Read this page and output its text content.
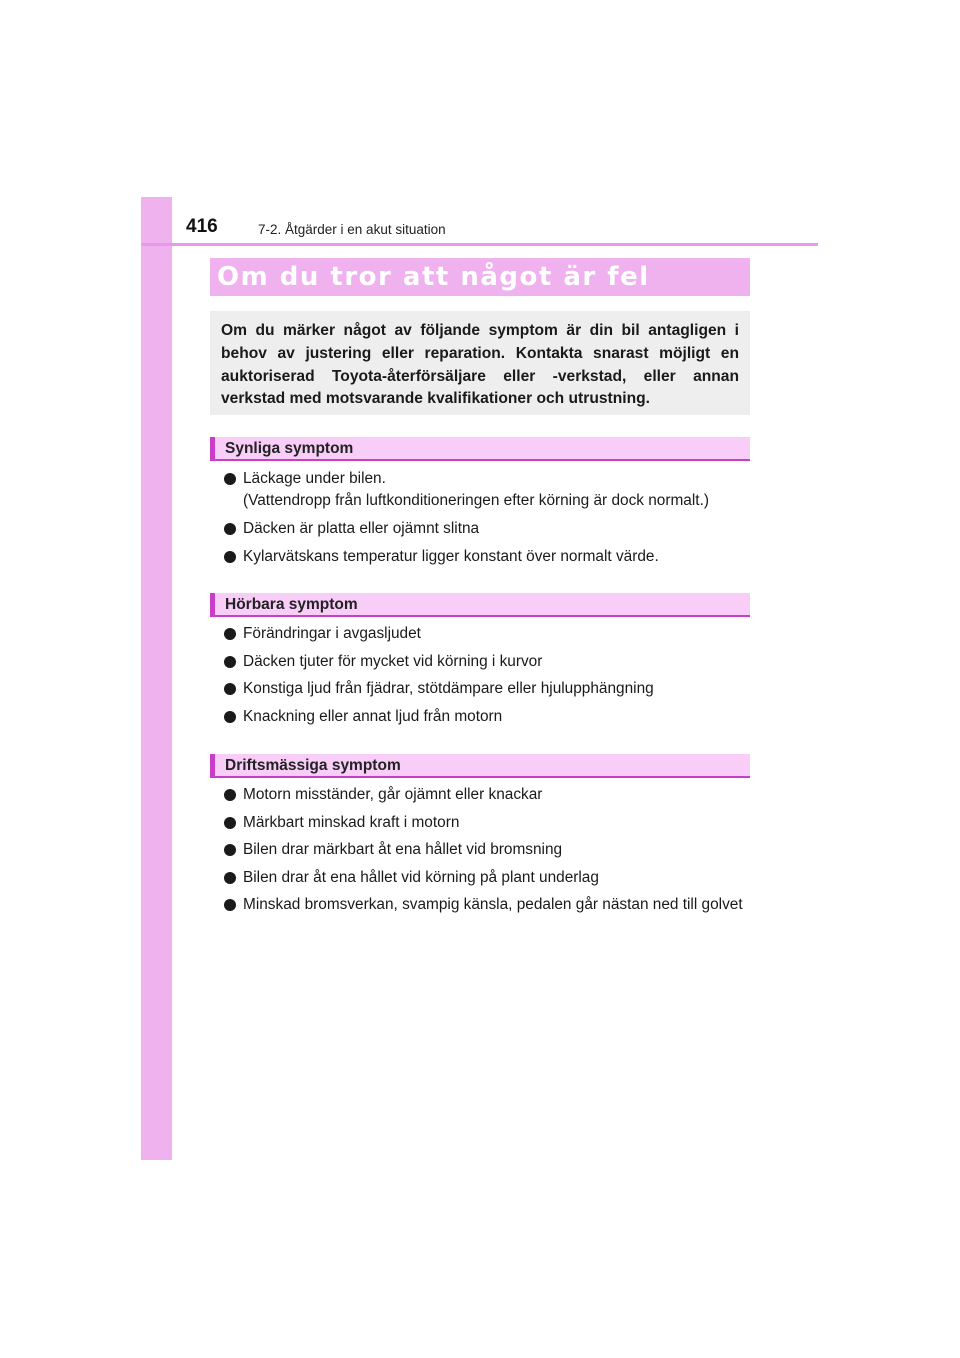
416	7-2. Åtgärder i en akut situation
Om du tror att något är fel
Om du märker något av följande symptom är din bil antagligen i behov av justering eller reparation. Kontakta snarast möjligt en auktoriserad Toyota-återförsäljare eller -verkstad, eller annan verkstad med motsvarande kvalifikationer och utrustning.
Synliga symptom
Läckage under bilen.
(Vattendropp från luftkonditioneringen efter körning är dock normalt.)
Däcken är platta eller ojämnt slitna
Kylarvätskans temperatur ligger konstant över normalt värde.
Hörbara symptom
Förändringar i avgasljudet
Däcken tjuter för mycket vid körning i kurvor
Konstiga ljud från fjädrar, stötdämpare eller hjulupphängning
Knackning eller annat ljud från motorn
Driftsmässiga symptom
Motorn misständer, går ojämnt eller knackar
Märkbart minskad kraft i motorn
Bilen drar märkbart åt ena hållet vid bromsning
Bilen drar åt ena hållet vid körning på plant underlag
Minskad bromsverkan, svampig känsla, pedalen går nästan ned till golvet
